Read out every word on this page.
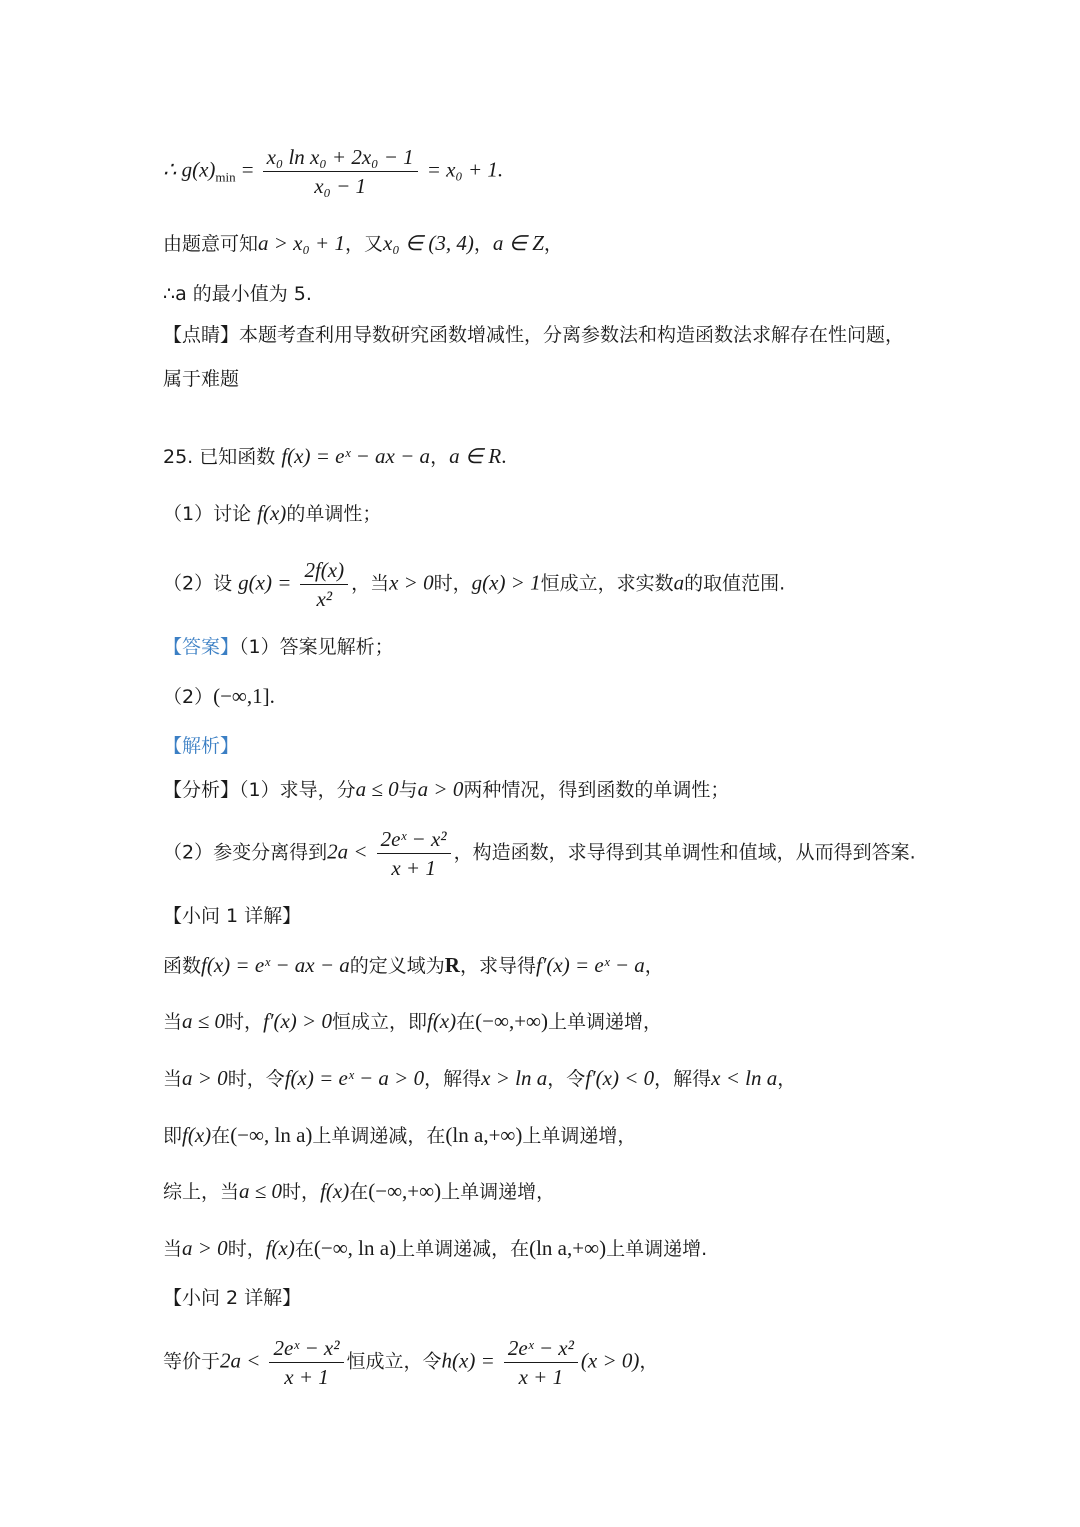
∴ $g(x)_{min} = \frac{\text{x₀ ln x₀ + 2x₀ − 1}}{\text{x₀ − 1}} = x_0 + 1$.
由题意可知a > x₀ + 1，又x₀ ∈ (3, 4)，a ∈ Z，
∴a 的最小值为 5.
【点睛】本题考查利用导数研究函数增减性，分离参数法和构造函数法求解存在性问题，属于难题
25. 已知函数 f(x) = eˣ − ax − a，a ∈ R.
（1）讨论 f(x)的单调性；
（2）设 $g(x) = \frac{2f(x)}{\text{x²}}$ ，当x > 0时，g(x) > 1恒成立，求实数a的取值范围.
【答案】（1）答案见解析；
（2）(−∞,1].
【解析】
【分析】（1）求导，分a ≤ 0与a > 0两种情况，得到函数的单调性；
（2）参变分离得到$2a < \frac{\text{2eˣ − x²}}{x + 1}$ ，构造函数，求导得到其单调性和值域，从而得到答案.
【小问 1 详解】
函数f(x) = eˣ − ax − a的定义域为R，求导得f′(x) = eˣ − a，
当a ≤ 0时，f′(x) > 0恒成立，即f(x)在(−∞,+∞)上单调递增，
当a > 0时，令f(x) = eˣ − a > 0，解得x > ln a，令f′(x) < 0，解得x < ln a，
即f(x)在(−∞, ln a)上单调递减，在(ln a,+∞)上单调递增，
综上，当a ≤ 0时，f(x)在(−∞,+∞)上单调递增，
当a > 0时，f(x)在(−∞, ln a)上单调递减，在(ln a,+∞)上单调递增.
【小问 2 详解】
等价于$2a < \frac{\text{2eˣ − x²}}{x + 1}$ 恒成立，令$h(x) = \frac{\text{2eˣ − x²}}{x + 1} (x > 0)$，
